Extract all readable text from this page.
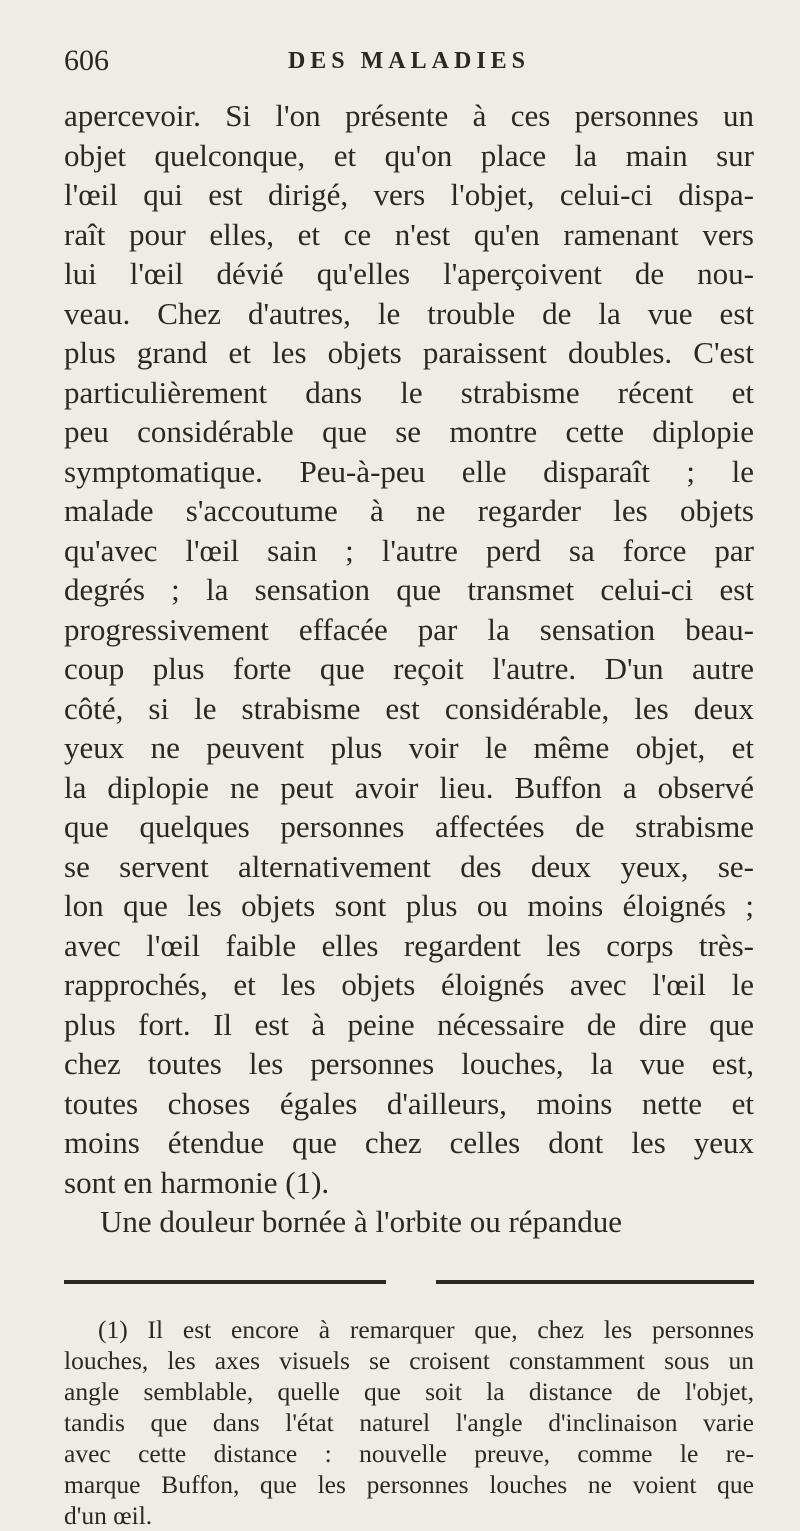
606	DES MALADIES
apercevoir. Si l'on présente à ces personnes un
objet quelconque, et qu'on place la main sur
l'œil qui est dirigé, vers l'objet, celui-ci dispa-
raît pour elles, et ce n'est qu'en ramenant vers
lui l'œil dévié qu'elles l'aperçoivent de nou-
veau. Chez d'autres, le trouble de la vue est
plus grand et les objets paraissent doubles. C'est
particulièrement dans le strabisme récent et
peu considérable que se montre cette diplopie
symptomatique. Peu-à-peu elle disparaît ; le
malade s'accoutume à ne regarder les objets
qu'avec l'œil sain ; l'autre perd sa force par
degrés ; la sensation que transmet celui-ci est
progressivement effacée par la sensation beau-
coup plus forte que reçoit l'autre. D'un autre
côté, si le strabisme est considérable, les deux
yeux ne peuvent plus voir le même objet, et
la diplopie ne peut avoir lieu. Buffon a observé
que quelques personnes affectées de strabisme
se servent alternativement des deux yeux, se-
lon que les objets sont plus ou moins éloignés ;
avec l'œil faible elles regardent les corps très-
rapprochés, et les objets éloignés avec l'œil le
plus fort. Il est à peine nécessaire de dire que
chez toutes les personnes louches, la vue est,
toutes choses égales d'ailleurs, moins nette et
moins étendue que chez celles dont les yeux
sont en harmonie (1).
Une douleur bornée à l'orbite ou répandue
(1) Il est encore à remarquer que, chez les personnes
louches, les axes visuels se croisent constamment sous un
angle semblable, quelle que soit la distance de l'objet,
tandis que dans l'état naturel l'angle d'inclinaison varie
avec cette distance : nouvelle preuve, comme le re-
marque Buffon, que les personnes louches ne voient que
d'un œil.
